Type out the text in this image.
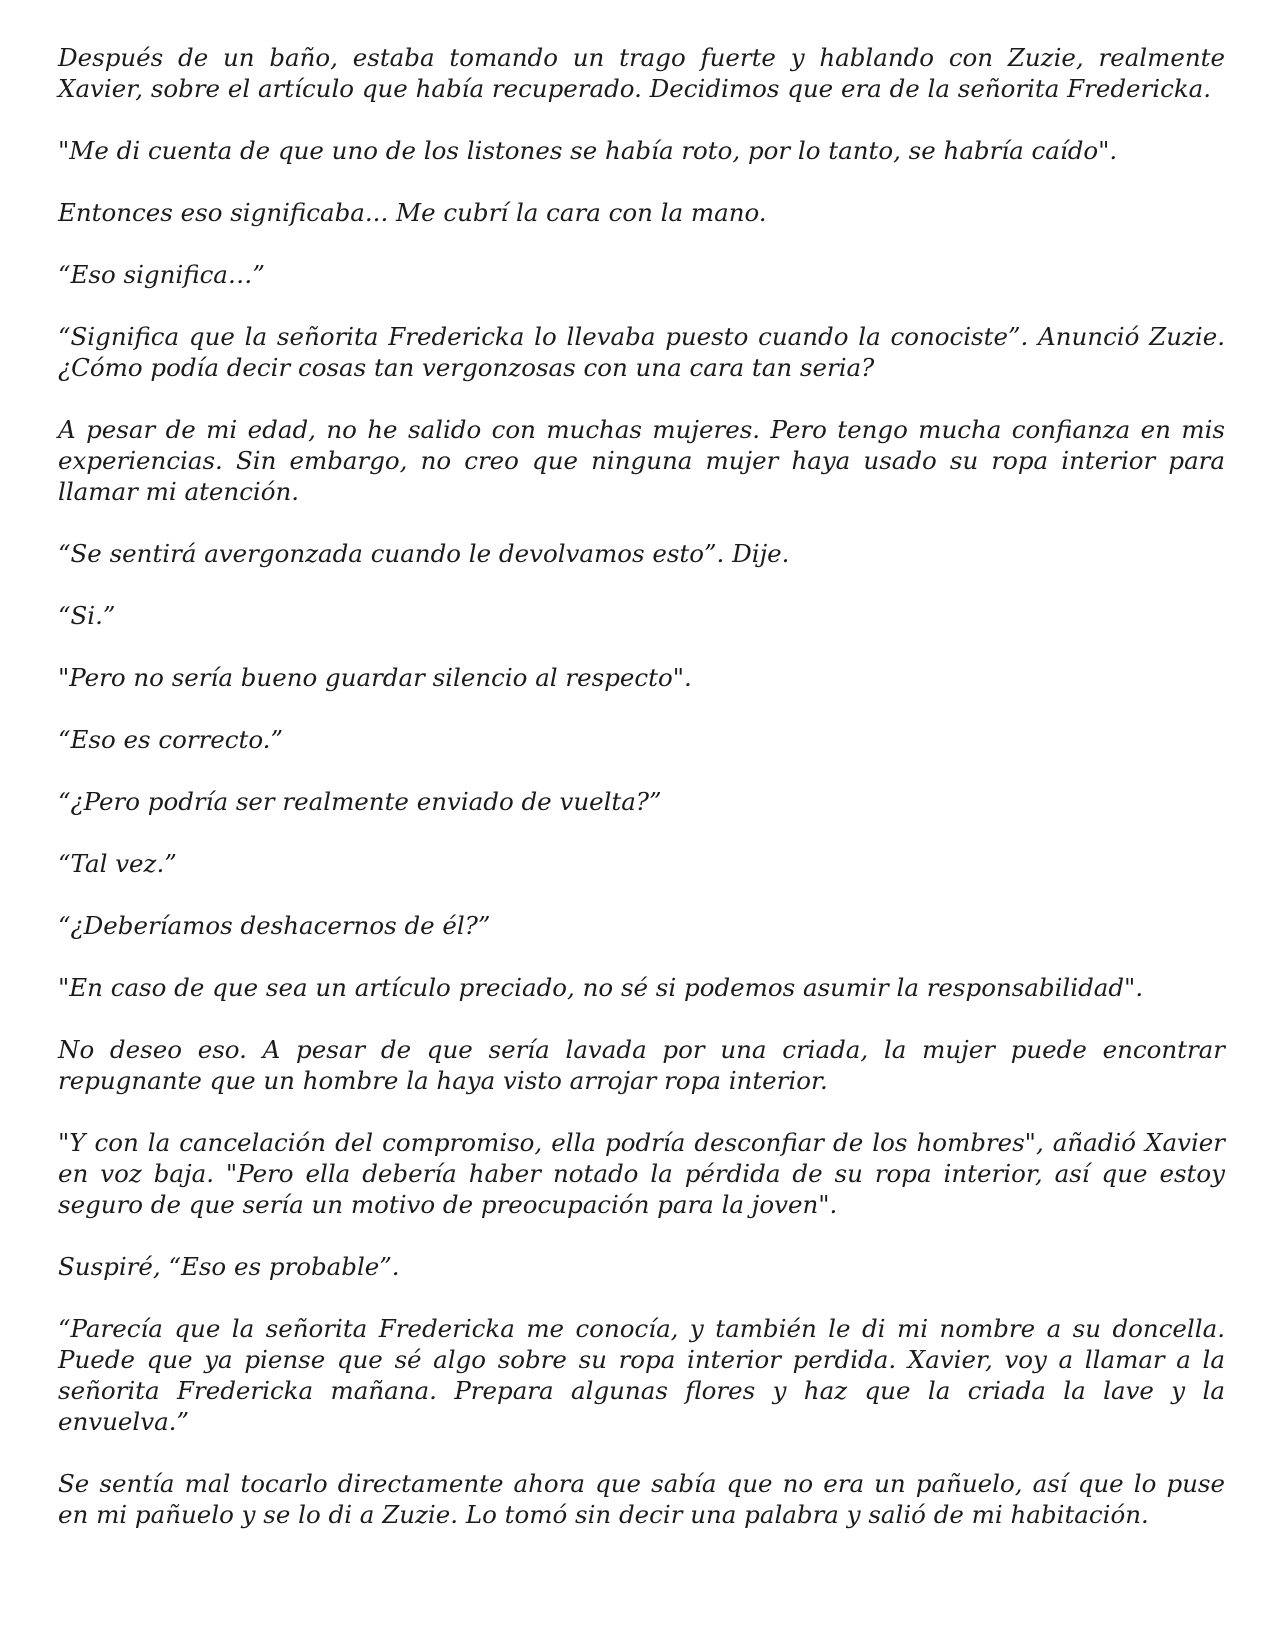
Después de un baño, estaba tomando un trago fuerte y hablando con Zuzie, realmente Xavier, sobre el artículo que había recuperado. Decidimos que era de la señorita Fredericka.

"Me di cuenta de que uno de los listones se había roto, por lo tanto, se habría caído".

Entonces eso significaba... Me cubrí la cara con la mano.

“Eso significa…”

“Significa que la señorita Fredericka lo llevaba puesto cuando la conociste”. Anunció Zuzie. ¿Cómo podía decir cosas tan vergonzosas con una cara tan seria?

A pesar de mi edad, no he salido con muchas mujeres. Pero tengo mucha confianza en mis experiencias. Sin embargo, no creo que ninguna mujer haya usado su ropa interior para llamar mi atención.

“Se sentirá avergonzada cuando le devolvamos esto”. Dije.

“Si.”

"Pero no sería bueno guardar silencio al respecto".

“Eso es correcto.”

“¿Pero podría ser realmente enviado de vuelta?”

“Tal vez.”

“¿Deberíamos deshacernos de él?”

"En caso de que sea un artículo preciado, no sé si podemos asumir la responsabilidad".

No deseo eso. A pesar de que sería lavada por una criada, la mujer puede encontrar repugnante que un hombre la haya visto arrojar ropa interior.

"Y con la cancelación del compromiso, ella podría desconfiar de los hombres", añadió Xavier en voz baja. "Pero ella debería haber notado la pérdida de su ropa interior, así que estoy seguro de que sería un motivo de preocupación para la joven".

Suspiré, “Eso es probable”.

“Parecía que la señorita Fredericka me conocía, y también le di mi nombre a su doncella. Puede que ya piense que sé algo sobre su ropa interior perdida. Xavier, voy a llamar a la señorita Fredericka mañana. Prepara algunas flores y haz que la criada la lave y la envuelva.”

Se sentía mal tocarlo directamente ahora que sabía que no era un pañuelo, así que lo puse en mi pañuelo y se lo di a Zuzie. Lo tomó sin decir una palabra y salió de mi habitación.
